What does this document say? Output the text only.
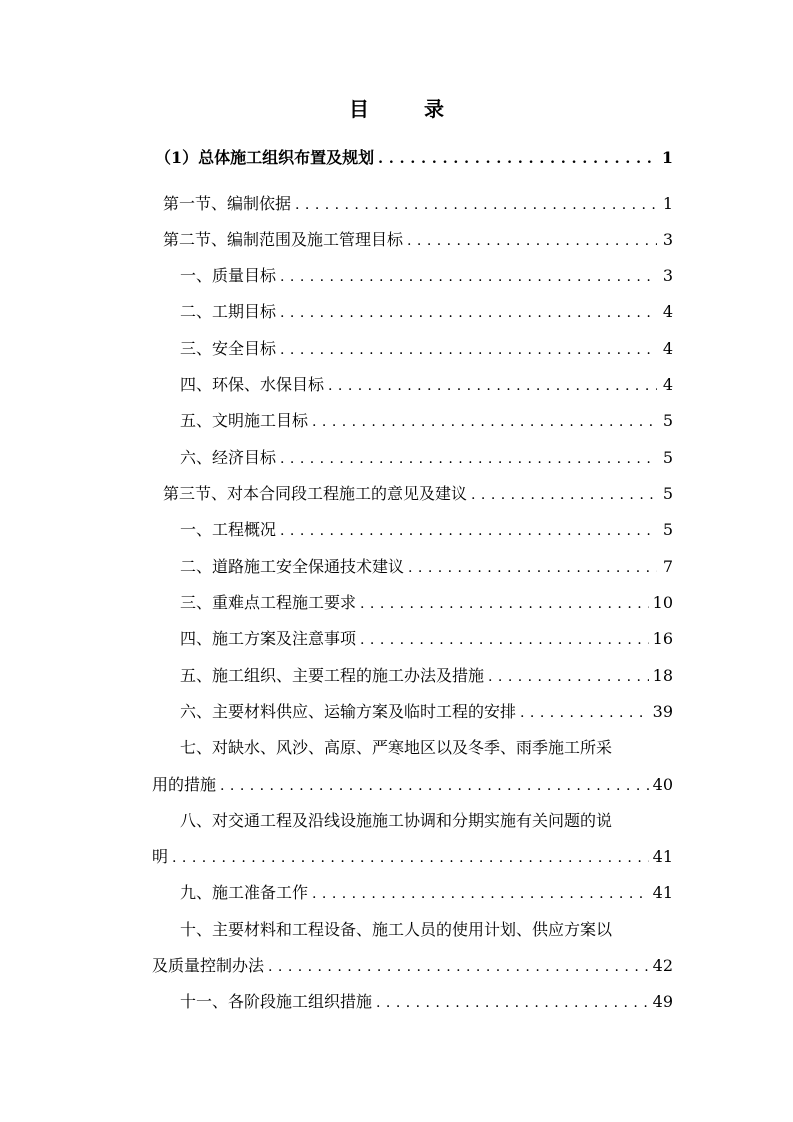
目 录
（1）总体施工组织布置及规划 . . .	1
第一节、编制依据 . . .	1
第二节、编制范围及施工管理目标 . . .	3
一、质量目标 . . .	3
二、工期目标 . . .	4
三、安全目标 . . .	4
四、环保、水保目标 . . .	4
五、文明施工目标 . . .	5
六、经济目标 . . .	5
第三节、对本合同段工程施工的意见及建议 . . .	5
一、工程概况 . . .	5
二、道路施工安全保通技术建议 . . .	7
三、重难点工程施工要求 . . .	10
四、施工方案及注意事项 . . .	16
五、施工组织、主要工程的施工办法及措施 . . .	18
六、主要材料供应、运输方案及临时工程的安排 . . .	39
七、对缺水、风沙、高原、严寒地区以及冬季、雨季施工所采
用的措施 . . .	40
八、对交通工程及沿线设施施工协调和分期实施有关问题的说
明 . . .	41
九、施工准备工作 . . .	41
十、主要材料和工程设备、施工人员的使用计划、供应方案以
及质量控制办法 . . .	42
十一、各阶段施工组织措施 . . .	49
